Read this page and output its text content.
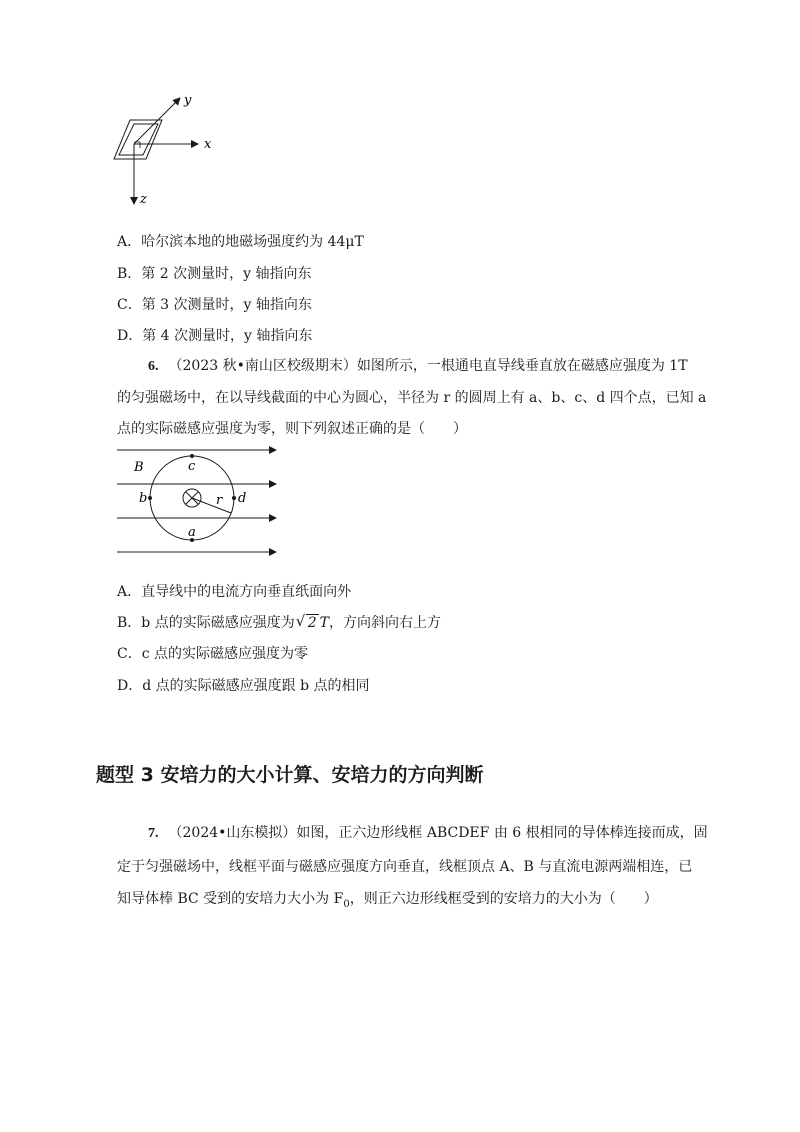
x
y
z
A．哈尔滨本地的地磁场强度约为 44μT
B．第 2 次测量时，y 轴指向东
C．第 3 次测量时，y 轴指向东
D．第 4 次测量时，y 轴指向东
6. （2023 秋•南山区校级期末）如图所示，一根通电直导线垂直放在磁感应强度为 1T
的匀强磁场中，在以导线截面的中心为圆心，半径为 r 的圆周上有 a、b、c、d 四个点，已知 a
点的实际磁感应强度为零，则下列叙述正确的是（　　）
B	c
b	d
r
a
A．直导线中的电流方向垂直纸面向外
B．b 点的实际磁感应强度为 √ 2 T，方向斜向右上方
C．c 点的实际磁感应强度为零
D．d 点的实际磁感应强度跟 b 点的相同
题型 3 安培力的大小计算、安培力的方向判断
7. （2024•山东模拟）如图，正六边形线框 ABCDEF 由 6 根相同的导体棒连接而成，固
定于匀强磁场中，线框平面与磁感应强度方向垂直，线框顶点 A、B 与直流电源两端相连，已
知导体棒 BC 受到的安培力大小为 $F_0$，则正六边形线框受到的安培力的大小为（　　）
